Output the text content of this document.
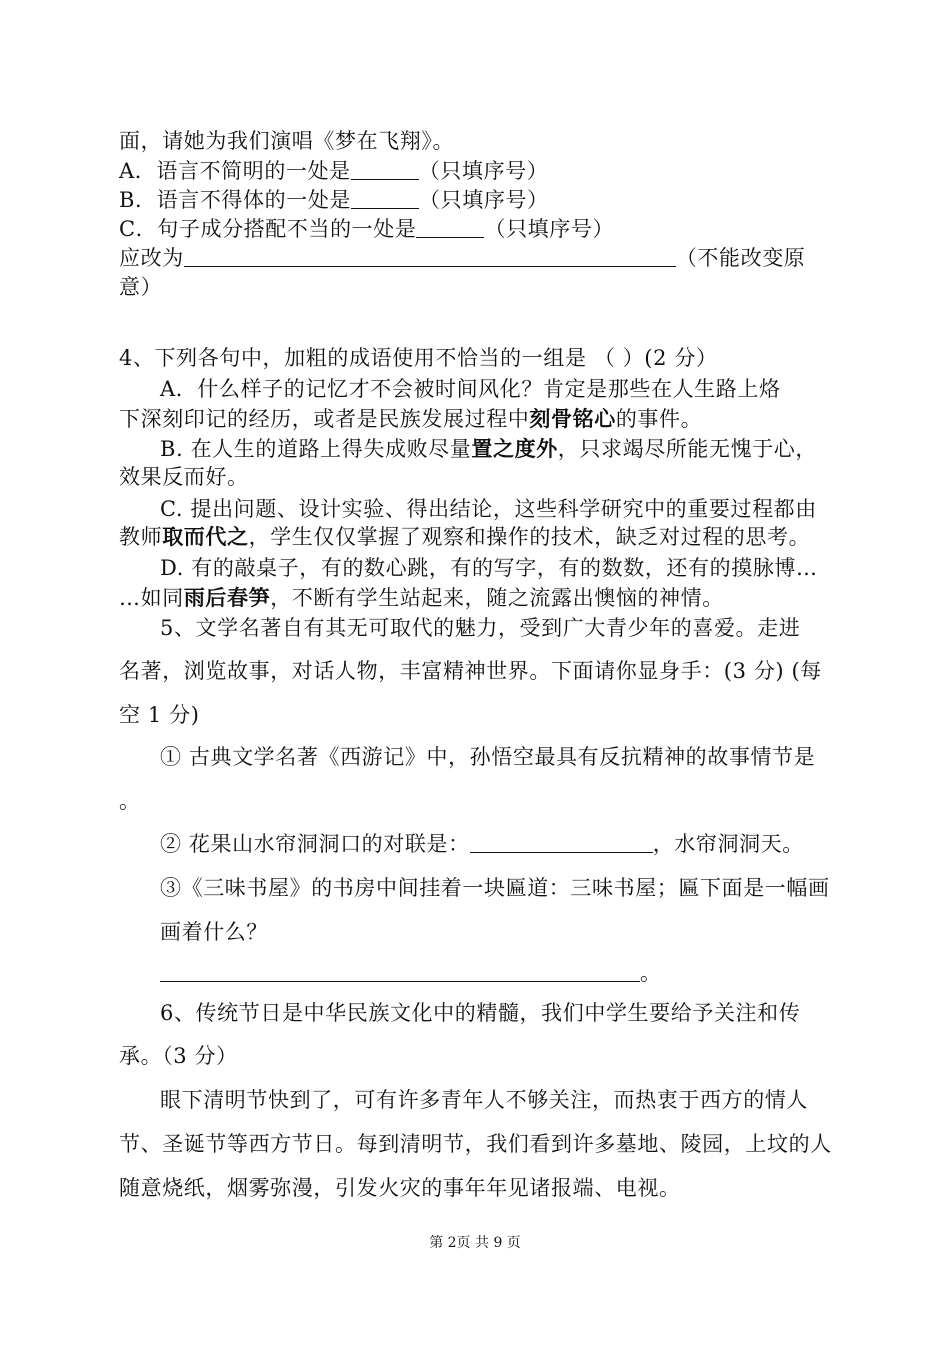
面，请她为我们演唱《梦在飞翔》。
A．语言不简明的一处是	（只填序号）
B．语言不得体的一处是	（只填序号）
C．句子成分搭配不当的一处是	（只填序号）
应改为	（不能改变原
意）
4、下列各句中，加粗的成语使用不恰当的一组是 （ ）(2 分）
A．什么样子的记忆才不会被时间风化？肯定是那些在人生路上烙
下深刻印记的经历，或者是民族发展过程中刻骨铭心的事件。
B. 在人生的道路上得失成败尽量置之度外，只求竭尽所能无愧于心，
效果反而好。
C. 提出问题、设计实验、得出结论，这些科学研究中的重要过程都由
教师取而代之，学生仅仅掌握了观察和操作的技术，缺乏对过程的思考。
D. 有的敲桌子，有的数心跳，有的写字，有的数数，还有的摸脉博…
…如同雨后春笋，不断有学生站起来，随之流露出懊恼的神情。
5、文学名著自有其无可取代的魅力，受到广大青少年的喜爱。走进
名著，浏览故事，对话人物，丰富精神世界。下面请你显身手：(3 分) (每
空 1 分)
① 古典文学名著《西游记》中，孙悟空最具有反抗精神的故事情节是
。
② 花果山水帘洞洞口的对联是：	，水帘洞洞天。
③《三味书屋》的书房中间挂着一块匾道：三味书屋；匾下面是一幅画
画着什么？
。
6、传统节日是中华民族文化中的精髓，我们中学生要给予关注和传
承。（3 分）
眼下清明节快到了，可有许多青年人不够关注，而热衷于西方的情人
节、圣诞节等西方节日。每到清明节，我们看到许多墓地、陵园，上坟的人
随意烧纸，烟雾弥漫，引发火灾的事年年见诸报端、电视。
第 2页 共 9 页
